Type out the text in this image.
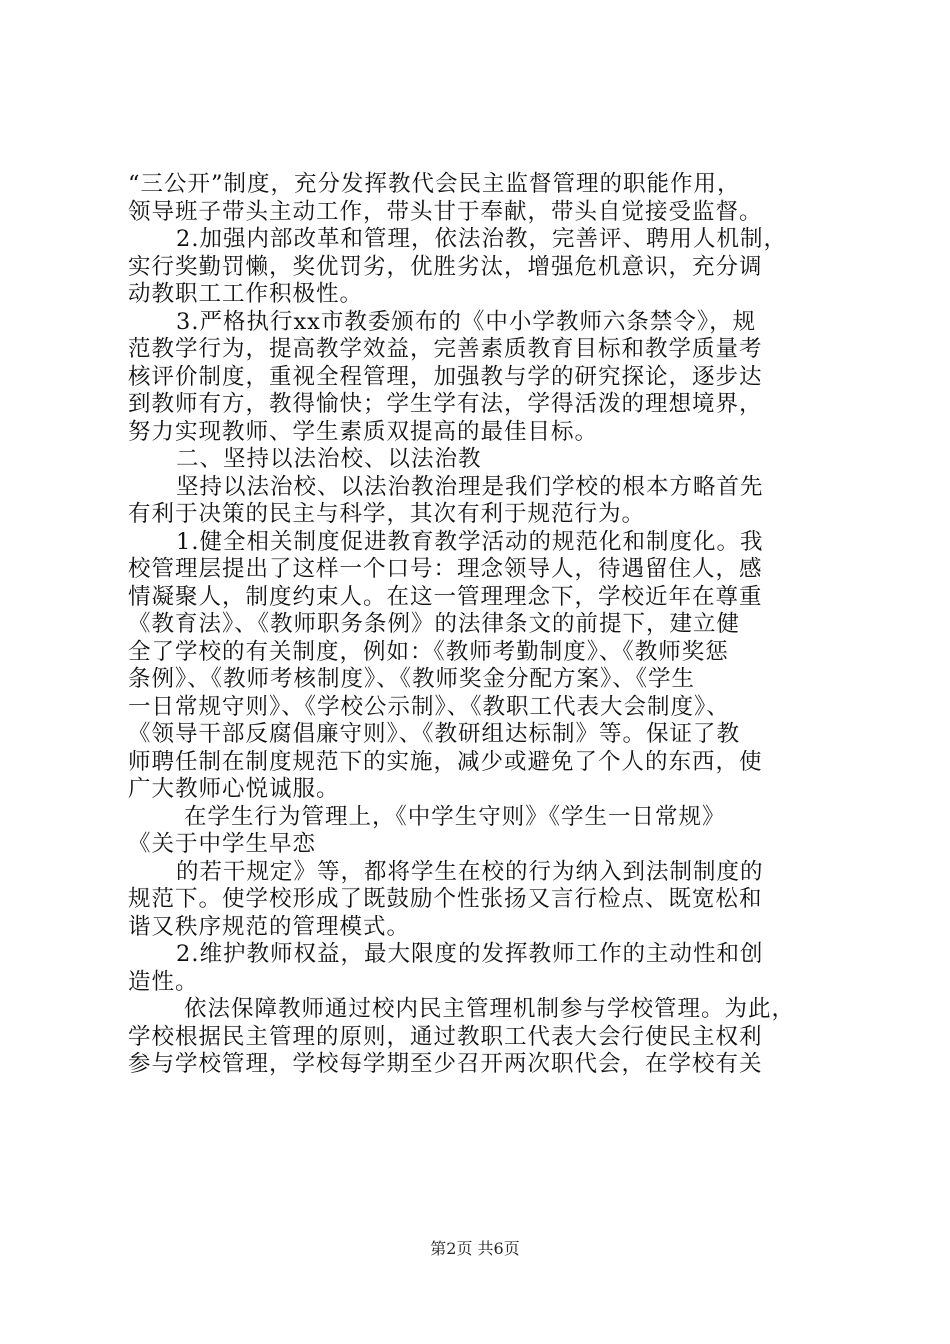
“三公开”制度，充分发挥教代会民主监督管理的职能作用，
领导班子带头主动工作，带头甘于奉献，带头自觉接受监督。
2.加强内部改革和管理，依法治教，完善评、聘用人机制，
实行奖勤罚懒，奖优罚劣，优胜劣汰，增强危机意识，充分调
动教职工工作积极性。
3.严格执行xx市教委颁布的《中小学教师六条禁令》，规
范教学行为，提高教学效益，完善素质教育目标和教学质量考
核评价制度，重视全程管理，加强教与学的研究探论，逐步达
到教师有方，教得愉快；学生学有法，学得活泼的理想境界，
努力实现教师、学生素质双提高的最佳目标。
二、坚持以法治校、以法治教
坚持以法治校、以法治教治理是我们学校的根本方略首先
有利于决策的民主与科学，其次有利于规范行为。
1.健全相关制度促进教育教学活动的规范化和制度化。我
校管理层提出了这样一个口号：理念领导人，待遇留住人，感
情凝聚人，制度约束人。在这一管理理念下，学校近年在尊重
《教育法》、《教师职务条例》的法律条文的前提下，建立健
全了学校的有关制度，例如：《教师考勤制度》、《教师奖惩
条例》、《教师考核制度》、《教师奖金分配方案》、《学生
一日常规守则》、《学校公示制》、《教职工代表大会制度》、
《领导干部反腐倡廉守则》、《教研组达标制》等。保证了教
师聘任制在制度规范下的实施，减少或避免了个人的东西，使
广大教师心悦诚服。
在学生行为管理上，《中学生守则》《学生一日常规》
《关于中学生早恋
的若干规定》等，都将学生在校的行为纳入到法制制度的
规范下。使学校形成了既鼓励个性张扬又言行检点、既宽松和
谐又秩序规范的管理模式。
2.维护教师权益，最大限度的发挥教师工作的主动性和创
造性。
依法保障教师通过校内民主管理机制参与学校管理。为此，
学校根据民主管理的原则，通过教职工代表大会行使民主权利
参与学校管理，学校每学期至少召开两次职代会，在学校有关
第2页 共6页
